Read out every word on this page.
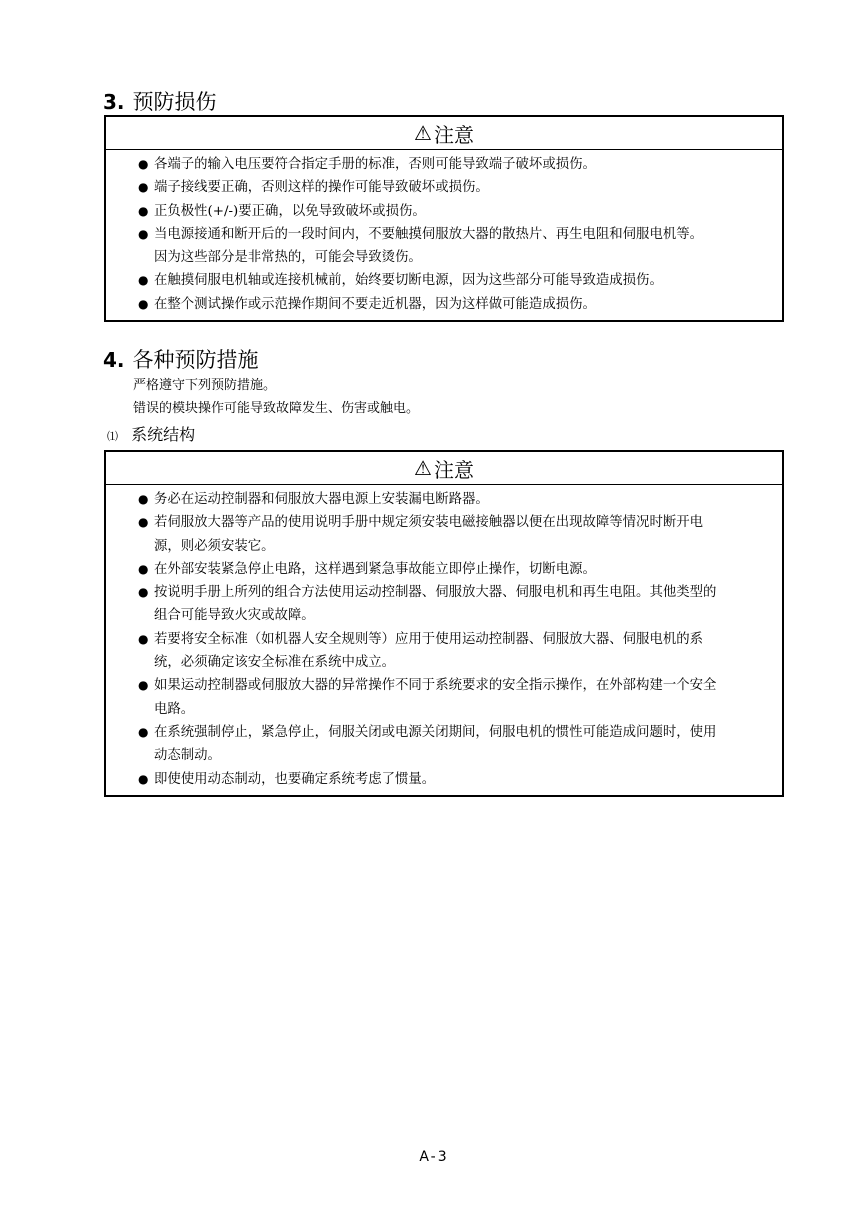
3. 预防损伤
⚠ 注意
● 各端子的输入电压要符合指定手册的标准，否则可能导致端子破坏或损伤。
● 端子接线要正确，否则这样的操作可能导致破坏或损伤。
● 正负极性(+/-)要正确，以免导致破坏或损伤。
● 当电源接通和断开后的一段时间内，不要触摸伺服放大器的散热片、再生电阻和伺服电机等。
因为这些部分是非常热的，可能会导致烫伤。
● 在触摸伺服电机轴或连接机械前，始终要切断电源，因为这些部分可能导致造成损伤。
● 在整个测试操作或示范操作期间不要走近机器，因为这样做可能造成损伤。
4. 各种预防措施
严格遵守下列预防措施。
错误的模块操作可能导致故障发生、伤害或触电。
⑴ 系统结构
⚠ 注意
● 务必在运动控制器和伺服放大器电源上安装漏电断路器。
● 若伺服放大器等产品的使用说明手册中规定须安装电磁接触器以便在出现故障等情况时断开电
源，则必须安装它。
● 在外部安装紧急停止电路，这样遇到紧急事故能立即停止操作，切断电源。
● 按说明手册上所列的组合方法使用运动控制器、伺服放大器、伺服电机和再生电阻。其他类型的
组合可能导致火灾或故障。
● 若要将安全标准（如机器人安全规则等）应用于使用运动控制器、伺服放大器、伺服电机的系
统，必须确定该安全标准在系统中成立。
● 如果运动控制器或伺服放大器的异常操作不同于系统要求的安全指示操作，在外部构建一个安全
电路。
● 在系统强制停止，紧急停止，伺服关闭或电源关闭期间，伺服电机的惯性可能造成问题时，使用
动态制动。
● 即使使用动态制动，也要确定系统考虑了惯量。
A-3
